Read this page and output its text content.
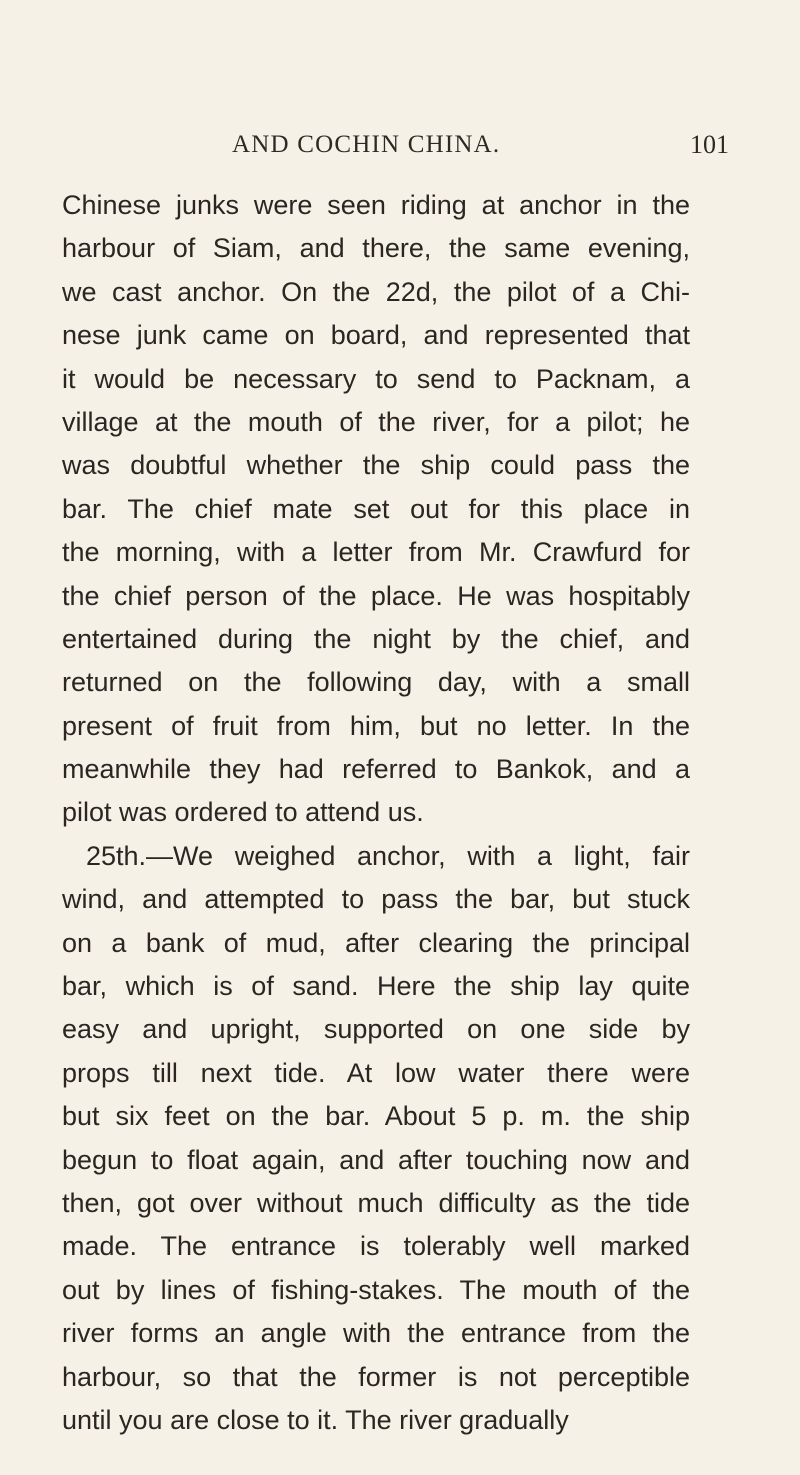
AND COCHIN CHINA.	101
Chinese junks were seen riding at anchor in the
harbour of Siam, and there, the same evening,
we cast anchor. On the 22d, the pilot of a Chi-
nese junk came on board, and represented that
it would be necessary to send to Packnam, a
village at the mouth of the river, for a pilot; he
was doubtful whether the ship could pass the
bar. The chief mate set out for this place in
the morning, with a letter from Mr. Crawfurd for
the chief person of the place. He was hospitably
entertained during the night by the chief, and
returned on the following day, with a small
present of fruit from him, but no letter. In the
meanwhile they had referred to Bankok, and a
pilot was ordered to attend us.
25th.—We weighed anchor, with a light, fair
wind, and attempted to pass the bar, but stuck
on a bank of mud, after clearing the principal
bar, which is of sand. Here the ship lay quite
easy and upright, supported on one side by
props till next tide. At low water there were
but six feet on the bar. About 5 p. m. the ship
begun to float again, and after touching now and
then, got over without much difficulty as the tide
made. The entrance is tolerably well marked
out by lines of fishing-stakes. The mouth of the
river forms an angle with the entrance from the
harbour, so that the former is not perceptible
until you are close to it. The river gradually
